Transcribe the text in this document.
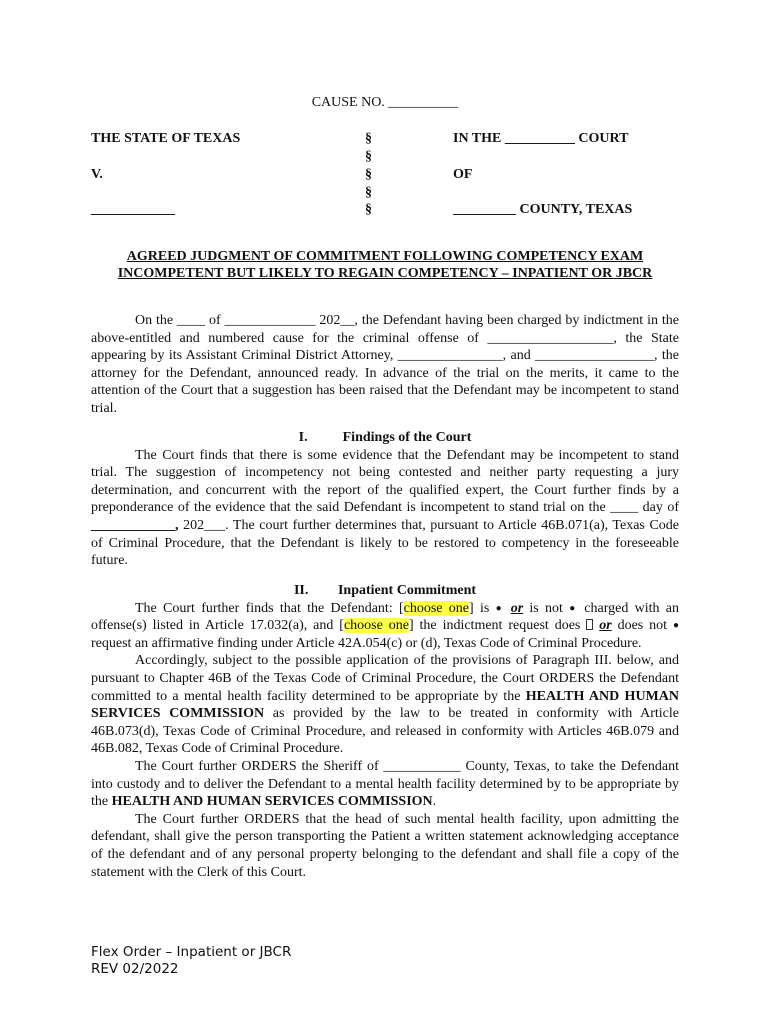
CAUSE NO. __________
THE STATE OF TEXAS
V.
____________
§
§
§
§
§
IN THE __________ COURT
OF
_________ COUNTY, TEXAS
AGREED JUDGMENT OF COMMITMENT FOLLOWING COMPETENCY EXAM
INCOMPETENT BUT LIKELY TO REGAIN COMPETENCY – INPATIENT OR JBCR

On the ____ of _____________ 202__, the Defendant having been charged by indictment in the above-entitled and numbered cause for the criminal offense of __________________, the State appearing by its Assistant Criminal District Attorney, _______________, and _________________, the attorney for the Defendant, announced ready. In advance of the trial on the merits, it came to the attention of the Court that a suggestion has been raised that the Defendant may be incompetent to stand trial.

I.	Findings of the Court

The Court finds that there is some evidence that the Defendant may be incompetent to stand trial. The suggestion of incompetency not being contested and neither party requesting a jury determination, and concurrent with the report of the qualified expert, the Court further finds by a preponderance of the evidence that the said Defendant is incompetent to stand trial on the ____ day of ____________, 202___. The court further determines that, pursuant to Article 46B.071(a), Texas Code of Criminal Procedure, that the Defendant is likely to be restored to competency in the foreseeable future.

II. Inpatient Commitment

The Court further finds that the Defendant: [choose one] is ● or is not ● charged with an offense(s) listed in Article 17.032(a), and [choose one] the indictment request does  or does not ● request an affirmative finding under Article 42A.054(c) or (d), Texas Code of Criminal Procedure.

Accordingly, subject to the possible application of the provisions of Paragraph III. below, and pursuant to Chapter 46B of the Texas Code of Criminal Procedure, the Court ORDERS the Defendant committed to a mental health facility determined to be appropriate by the HEALTH AND HUMAN SERVICES COMMISSION as provided by the law to be treated in conformity with Article 46B.073(d), Texas Code of Criminal Procedure, and released in conformity with Articles 46B.079 and 46B.082, Texas Code of Criminal Procedure.

The Court further ORDERS the Sheriff of ___________ County, Texas, to take the Defendant into custody and to deliver the Defendant to a mental health facility determined by to be appropriate by the HEALTH AND HUMAN SERVICES COMMISSION.

The Court further ORDERS that the head of such mental health facility, upon admitting the defendant, shall give the person transporting the Patient a written statement acknowledging acceptance of the defendant and of any personal property belonging to the defendant and shall file a copy of the statement with the Clerk of this Court.

Flex Order – Inpatient or JBCR
REV 02/2022
